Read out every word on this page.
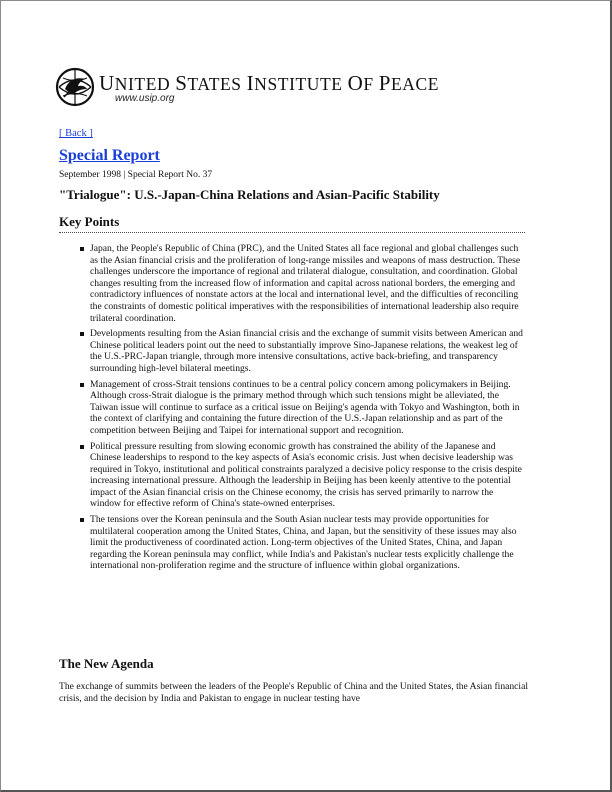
UNITED STATES INSTITUTE OF PEACE
www.usip.org
[ Back ]
Special Report
September 1998 | Special Report No. 37
"Trialogue": U.S.-Japan-China Relations and Asian-Pacific Stability
Key Points
Japan, the People's Republic of China (PRC), and the United States all face regional and global challenges such as the Asian financial crisis and the proliferation of long-range missiles and weapons of mass destruction. These challenges underscore the importance of regional and trilateral dialogue, consultation, and coordination. Global changes resulting from the increased flow of information and capital across national borders, the emerging and contradictory influences of nonstate actors at the local and international level, and the difficulties of reconciling the constraints of domestic political imperatives with the responsibilities of international leadership also require trilateral coordination.
Developments resulting from the Asian financial crisis and the exchange of summit visits between American and Chinese political leaders point out the need to substantially improve Sino-Japanese relations, the weakest leg of the U.S.-PRC-Japan triangle, through more intensive consultations, active back-briefing, and transparency surrounding high-level bilateral meetings.
Management of cross-Strait tensions continues to be a central policy concern among policymakers in Beijing. Although cross-Strait dialogue is the primary method through which such tensions might be alleviated, the Taiwan issue will continue to surface as a critical issue on Beijing's agenda with Tokyo and Washington, both in the context of clarifying and containing the future direction of the U.S.-Japan relationship and as part of the competition between Beijing and Taipei for international support and recognition.
Political pressure resulting from slowing economic growth has constrained the ability of the Japanese and Chinese leaderships to respond to the key aspects of Asia's economic crisis. Just when decisive leadership was required in Tokyo, institutional and political constraints paralyzed a decisive policy response to the crisis despite increasing international pressure. Although the leadership in Beijing has been keenly attentive to the potential impact of the Asian financial crisis on the Chinese economy, the crisis has served primarily to narrow the window for effective reform of China's state-owned enterprises.
The tensions over the Korean peninsula and the South Asian nuclear tests may provide opportunities for multilateral cooperation among the United States, China, and Japan, but the sensitivity of these issues may also limit the productiveness of coordinated action. Long-term objectives of the United States, China, and Japan regarding the Korean peninsula may conflict, while India's and Pakistan's nuclear tests explicitly challenge the international non-proliferation regime and the structure of influence within global organizations.
The New Agenda
The exchange of summits between the leaders of the People's Republic of China and the United States, the Asian financial crisis, and the decision by India and Pakistan to engage in nuclear testing have
